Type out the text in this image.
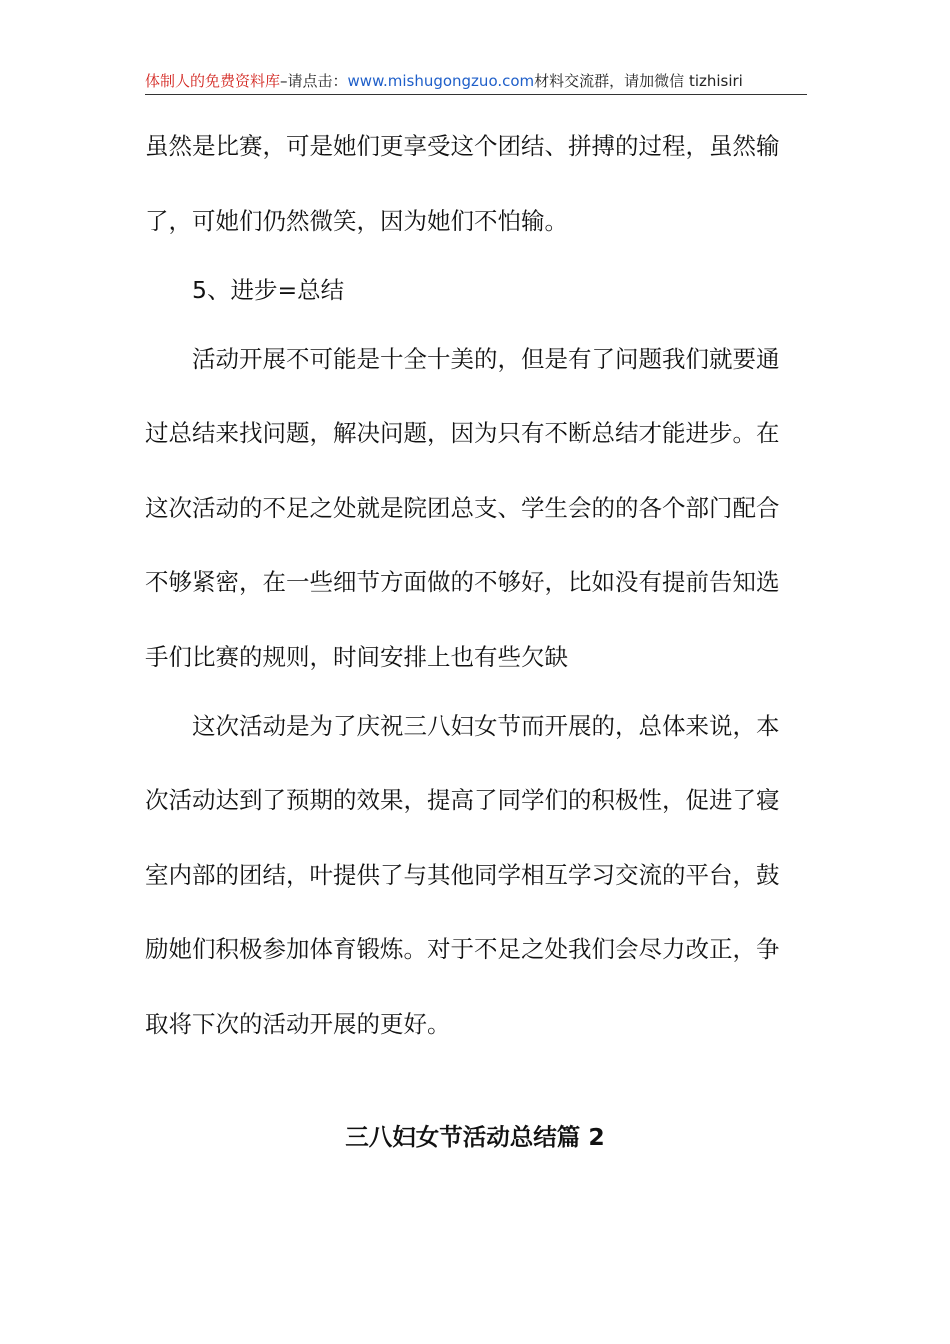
体制人的免费资料库–请点击：www.mishugongzuo.com材料交流群，请加微信 tizhisiri
虽然是比赛，可是她们更享受这个团结、拼搏的过程，虽然输
了，可她们仍然微笑，因为她们不怕输。
5、进步=总结
活动开展不可能是十全十美的，但是有了问题我们就要通
过总结来找问题，解决问题，因为只有不断总结才能进步。在
这次活动的不足之处就是院团总支、学生会的的各个部门配合
不够紧密，在一些细节方面做的不够好，比如没有提前告知选
手们比赛的规则，时间安排上也有些欠缺
这次活动是为了庆祝三八妇女节而开展的，总体来说，本
次活动达到了预期的效果，提高了同学们的积极性，促进了寝
室内部的团结，叶提供了与其他同学相互学习交流的平台，鼓
励她们积极参加体育锻炼。对于不足之处我们会尽力改正，争
取将下次的活动开展的更好。
三八妇女节活动总结篇 2
